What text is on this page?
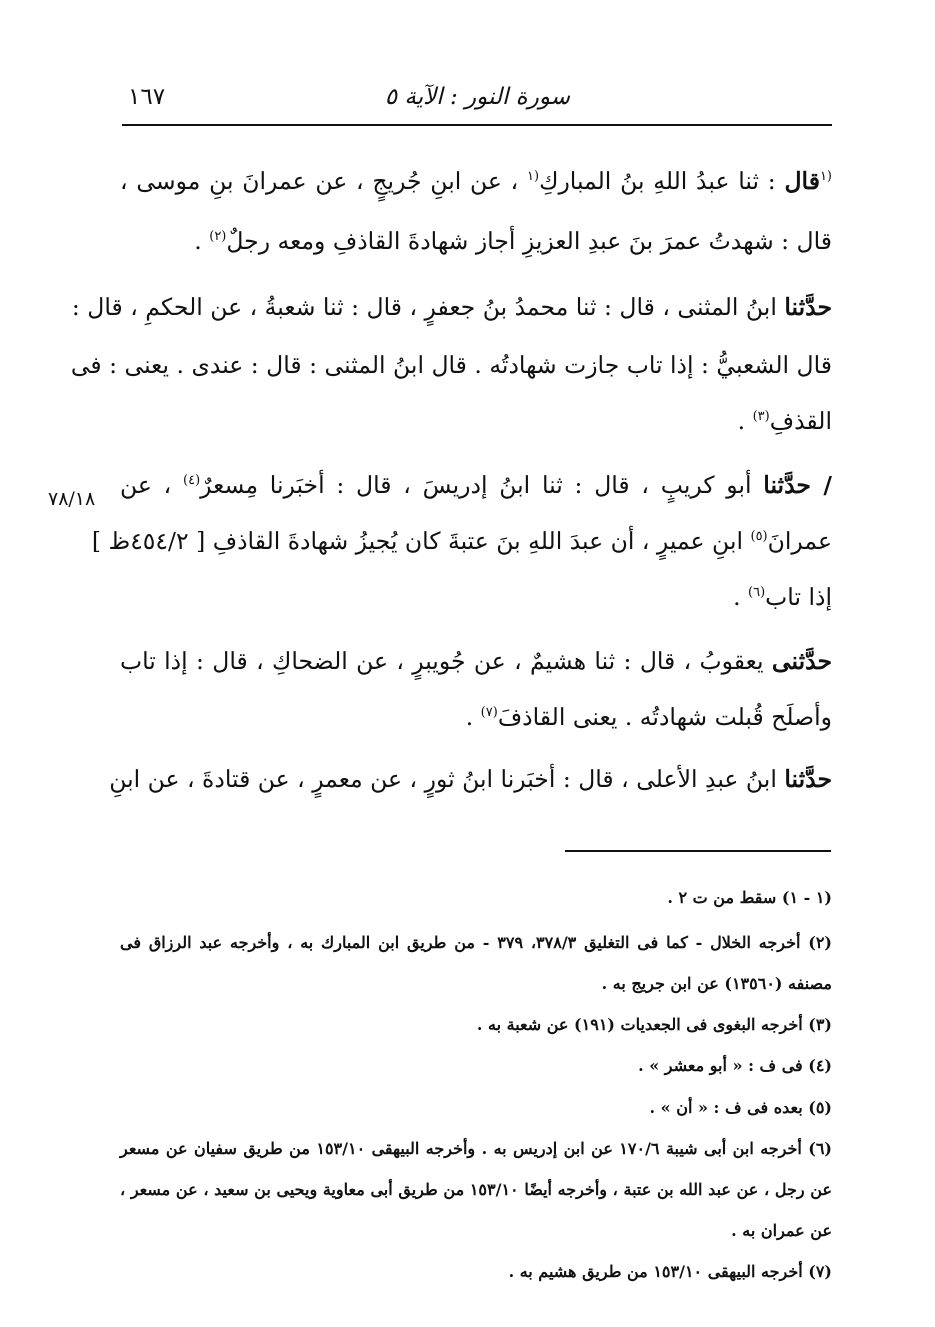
١٦٧	سورة النور : الآية ٥
٧٨/١٨
$^{(١}$قال : ثنا عبدُ اللهِ بنُ المباركِ$^{(١}$ ، عن ابنِ جُريجٍ ، عن عمرانَ بنِ موسى ،
قال : شهدتُ عمرَ بنَ عبدِ العزيزِ أجاز شهادةَ القاذفِ ومعه رجلٌ$^{(٢)}$ .
حدَّثنا ابنُ المثنى ، قال : ثنا محمدُ بنُ جعفرٍ ، قال : ثنا شعبةُ ، عن الحكمِ ، قال :
قال الشعبيُّ : إذا تاب جازت شهادتُه . قال ابنُ المثنى : قال : عندى . يعنى : فى
القذفِ$^{(٣)}$ .
/ حدَّثنا أبو كريبٍ ، قال : ثنا ابنُ إدريسَ ، قال : أخبَرنا مِسعرٌ$^{(٤)}$ ، عن
عمرانَ$^{(٥)}$ ابنِ عميرٍ ، أن عبدَ اللهِ بنَ عتبةَ كان يُجيزُ شهادةَ القاذفِ [ ٤٥٤/٢ظ ]
إذا تاب$^{(٦)}$ .
حدَّثنى يعقوبُ ، قال : ثنا هشيمٌ ، عن جُويبرٍ ، عن الضحاكِ ، قال : إذا تاب
وأصلَح قُبلت شهادتُه . يعنى القاذفَ$^{(٧)}$ .
حدَّثنا ابنُ عبدِ الأعلى ، قال : أخبَرنا ابنُ ثورٍ ، عن معمرٍ ، عن قتادةَ ، عن ابنِ
(١ - ١) سقط من ت ٢ .
(٢) أخرجه الخلال - كما فى التغليق ٣٧٨/٣، ٣٧٩ - من طريق ابن المبارك به ، وأخرجه عبد الرزاق فى
مصنفه (١٣٥٦٠) عن ابن جريج به .
(٣) أخرجه البغوى فى الجعديات (١٩١) عن شعبة به .
(٤) فى ف : « أبو معشر » .
(٥) بعده فى ف : « أن » .
(٦) أخرجه ابن أبى شيبة ١٧٠/٦ عن ابن إدريس به . وأخرجه البيهقى ١٥٣/١٠ من طريق سفيان عن مسعر
عن رجل ، عن عبد الله بن عتبة ، وأخرجه أيضًا ١٥٣/١٠ من طريق أبى معاوية ويحيى بن سعيد ، عن مسعر ،
عن عمران به .
(٧) أخرجه البيهقى ١٥٣/١٠ من طريق هشيم به .
